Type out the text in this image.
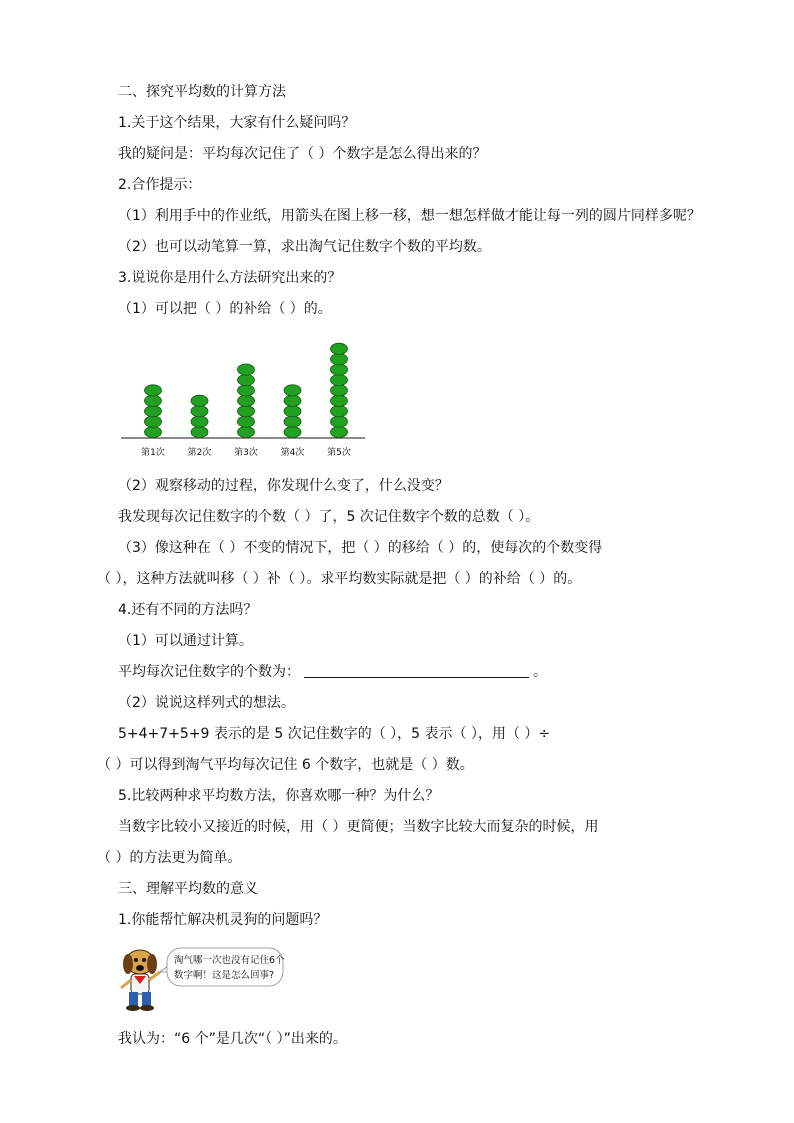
二、探究平均数的计算方法
1.关于这个结果，大家有什么疑问吗？
我的疑问是：平均每次记住了（ ）个数字是怎么得出来的？
2.合作提示：
（1）利用手中的作业纸，用箭头在图上移一移，想一想怎样做才能让每一列的圆片同样多呢？
（2）也可以动笔算一算，求出淘气记住数字个数的平均数。
3.说说你是用什么方法研究出来的？
（1）可以把（ ）的补给（ ）的。
第1次	第2次	第3次	第4次	第5次
（2）观察移动的过程，你发现什么变了，什么没变？
我发现每次记住数字的个数（ ）了，5 次记住数字个数的总数（ ）。
（3）像这种在（ ）不变的情况下，把（ ）的移给（ ）的，使每次的个数变得
（ ），这种方法就叫移（ ）补（ ）。求平均数实际就是把（ ）的补给（ ）的。
4.还有不同的方法吗？
（1）可以通过计算。
平均每次记住数字的个数为：	。
（2）说说这样列式的想法。
5+4+7+5+9 表示的是 5 次记住数字的（ ），5 表示（ ），用（ ）÷
（ ）可以得到淘气平均每次记住 6 个数字，也就是（ ）数。
5.比较两种求平均数方法，你喜欢哪一种？为什么？
当数字比较小又接近的时候，用（ ）更简便；当数字比较大而复杂的时候，用
（ ）的方法更为简单。
三、理解平均数的意义
1.你能帮忙解决机灵狗的问题吗？
淘气哪一次也没有记住6个
数字啊！这是怎么回事?
我认为：“6 个”是几次“（ ）”出来的。
